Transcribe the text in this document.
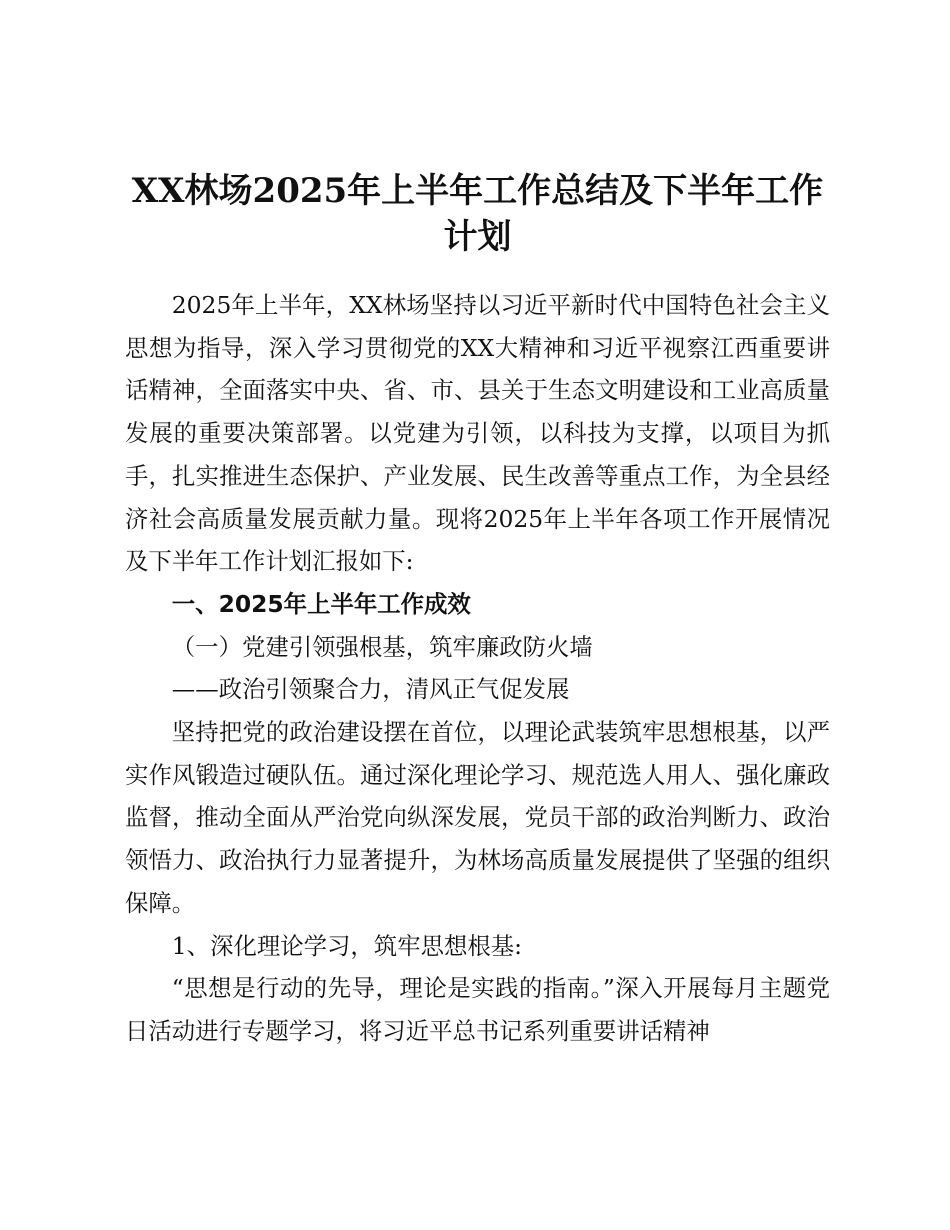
XX林场2025年上半年工作总结及下半年工作计划

2025年上半年，XX林场坚持以习近平新时代中国特色社会主义思想为指导，深入学习贯彻党的XX大精神和习近平视察江西重要讲话精神，全面落实中央、省、市、县关于生态文明建设和工业高质量发展的重要决策部署。以党建为引领，以科技为支撑，以项目为抓手，扎实推进生态保护、产业发展、民生改善等重点工作，为全县经济社会高质量发展贡献力量。现将2025年上半年各项工作开展情况及下半年工作计划汇报如下:

一、2025年上半年工作成效

（一）党建引领强根基，筑牢廉政防火墙

——政治引领聚合力，清风正气促发展

坚持把党的政治建设摆在首位，以理论武装筑牢思想根基，以严实作风锻造过硬队伍。通过深化理论学习、规范选人用人、强化廉政监督，推动全面从严治党向纵深发展，党员干部的政治判断力、政治领悟力、政治执行力显著提升，为林场高质量发展提供了坚强的组织保障。

1、深化理论学习，筑牢思想根基:

“思想是行动的先导，理论是实践的指南。”深入开展每月主题党日活动进行专题学习，将习近平总书记系列重要讲话精神
